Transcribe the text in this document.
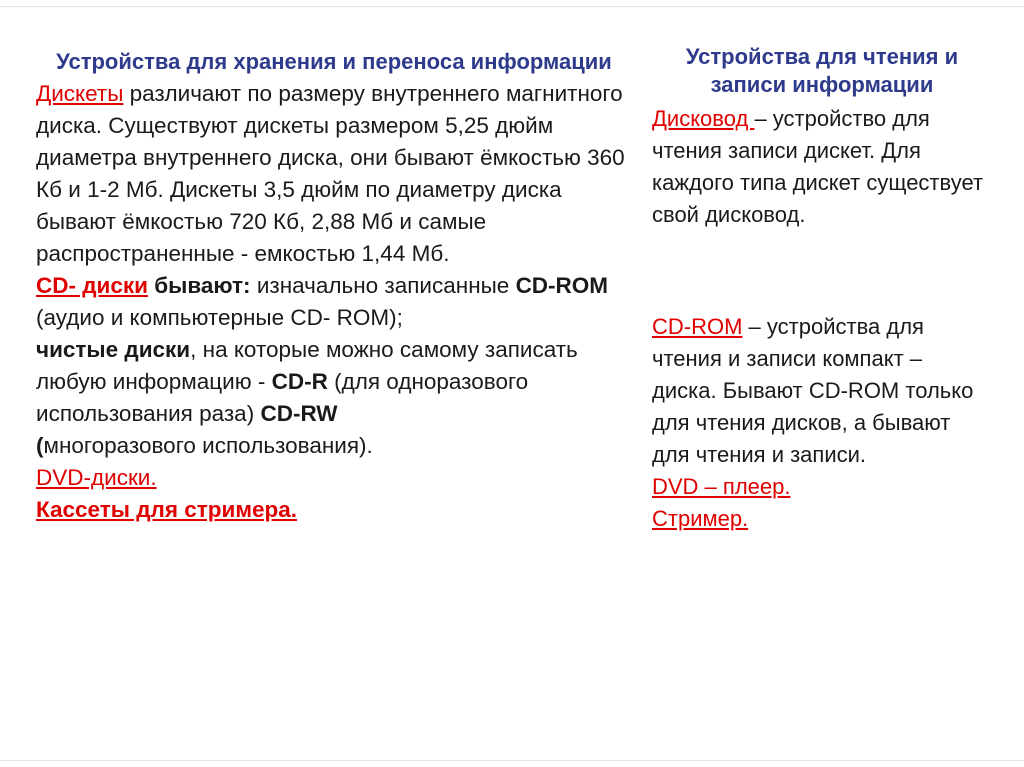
Устройства для хранения и переноса информации

Дискеты различают по размеру внутреннего магнитного диска. Существуют дискеты размером 5,25 дюйм диаметра внутреннего диска, они бывают ёмкостью 360 Кб и 1-2 Мб. Дискеты 3,5 дюйм по диаметру диска бывают ёмкостью 720 Кб, 2,88 Мб и самые распространенные - емкостью 1,44 Мб.

CD- диски бывают: изначально записанные CD-ROM (аудио и компьютерные CD- ROM);
чистые диски, на которые можно самому записать любую информацию - CD-R (для одноразового использования раза) CD-RW
(многоразового использования).

DVD-диски.

Кассеты для стримера.

Устройства для чтения и записи информации

Дисковод – устройство для чтения записи дискет. Для каждого типа дискет существует свой дисковод.

CD-ROM – устройства для чтения и записи компакт – диска. Бывают CD-ROM только для чтения дисков, а бывают для чтения и записи.

DVD – плеер.

Стример.
